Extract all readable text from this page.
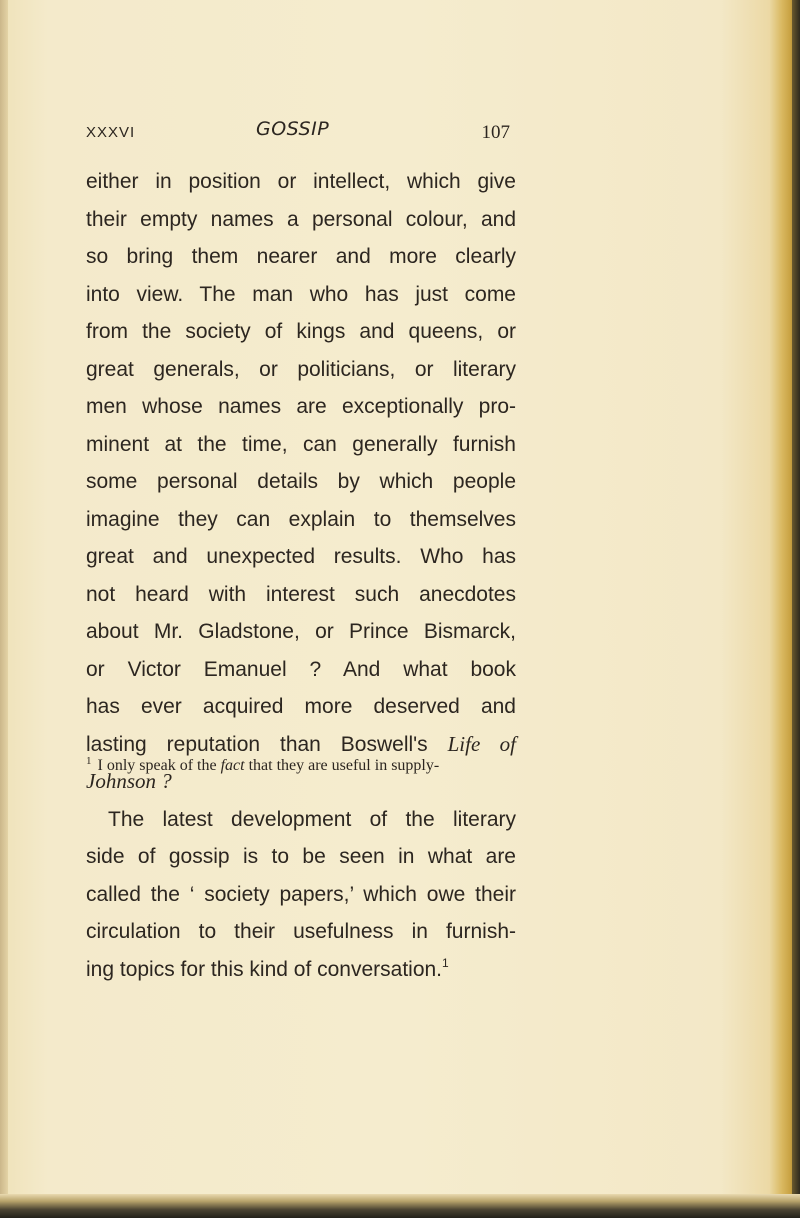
XXXVI	GOSSIP	107
either in position or intellect, which give
their empty names a personal colour, and
so bring them nearer and more clearly
into view. The man who has just come
from the society of kings and queens, or
great generals, or politicians, or literary
men whose names are exceptionally pro-
minent at the time, can generally furnish
some personal details by which people
imagine they can explain to themselves
great and unexpected results. Who has
not heard with interest such anecdotes
about Mr. Gladstone, or Prince Bismarck,
or Victor Emanuel ? And what book
has ever acquired more deserved and
lasting reputation than Boswell's Life of
Johnson ?
The latest development of the literary
side of gossip is to be seen in what are
called the ‘ society papers,’ which owe their
circulation to their usefulness in furnish-
ing topics for this kind of conversation.$^1$
$^1$ I only speak of the fact that they are useful in supply-
